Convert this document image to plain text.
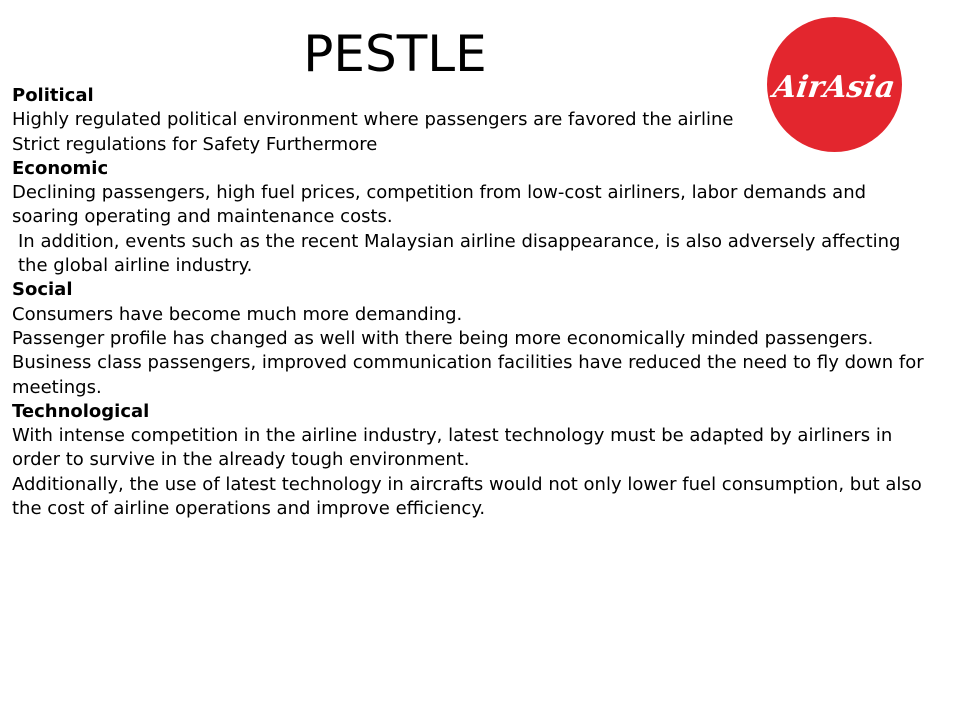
PESTLE
AirAsia

Political

Highly regulated political environment where passengers are favored the airline

Strict regulations for Safety Furthermore

Economic

Declining passengers, high fuel prices, competition from low-cost airliners, labor demands and soaring operating and maintenance costs.

In addition, events such as the recent Malaysian airline disappearance, is also adversely affecting the global airline industry.

Social

Consumers have become much more demanding.

Passenger profile has changed as well with there being more economically minded passengers.

Business class passengers, improved communication facilities have reduced the need to fly down for meetings.

Technological

With intense competition in the airline industry, latest technology must be adapted by airliners in order to survive in the already tough environment.

Additionally, the use of latest technology in aircrafts would not only lower fuel consumption, but also the cost of airline operations and improve efficiency.
